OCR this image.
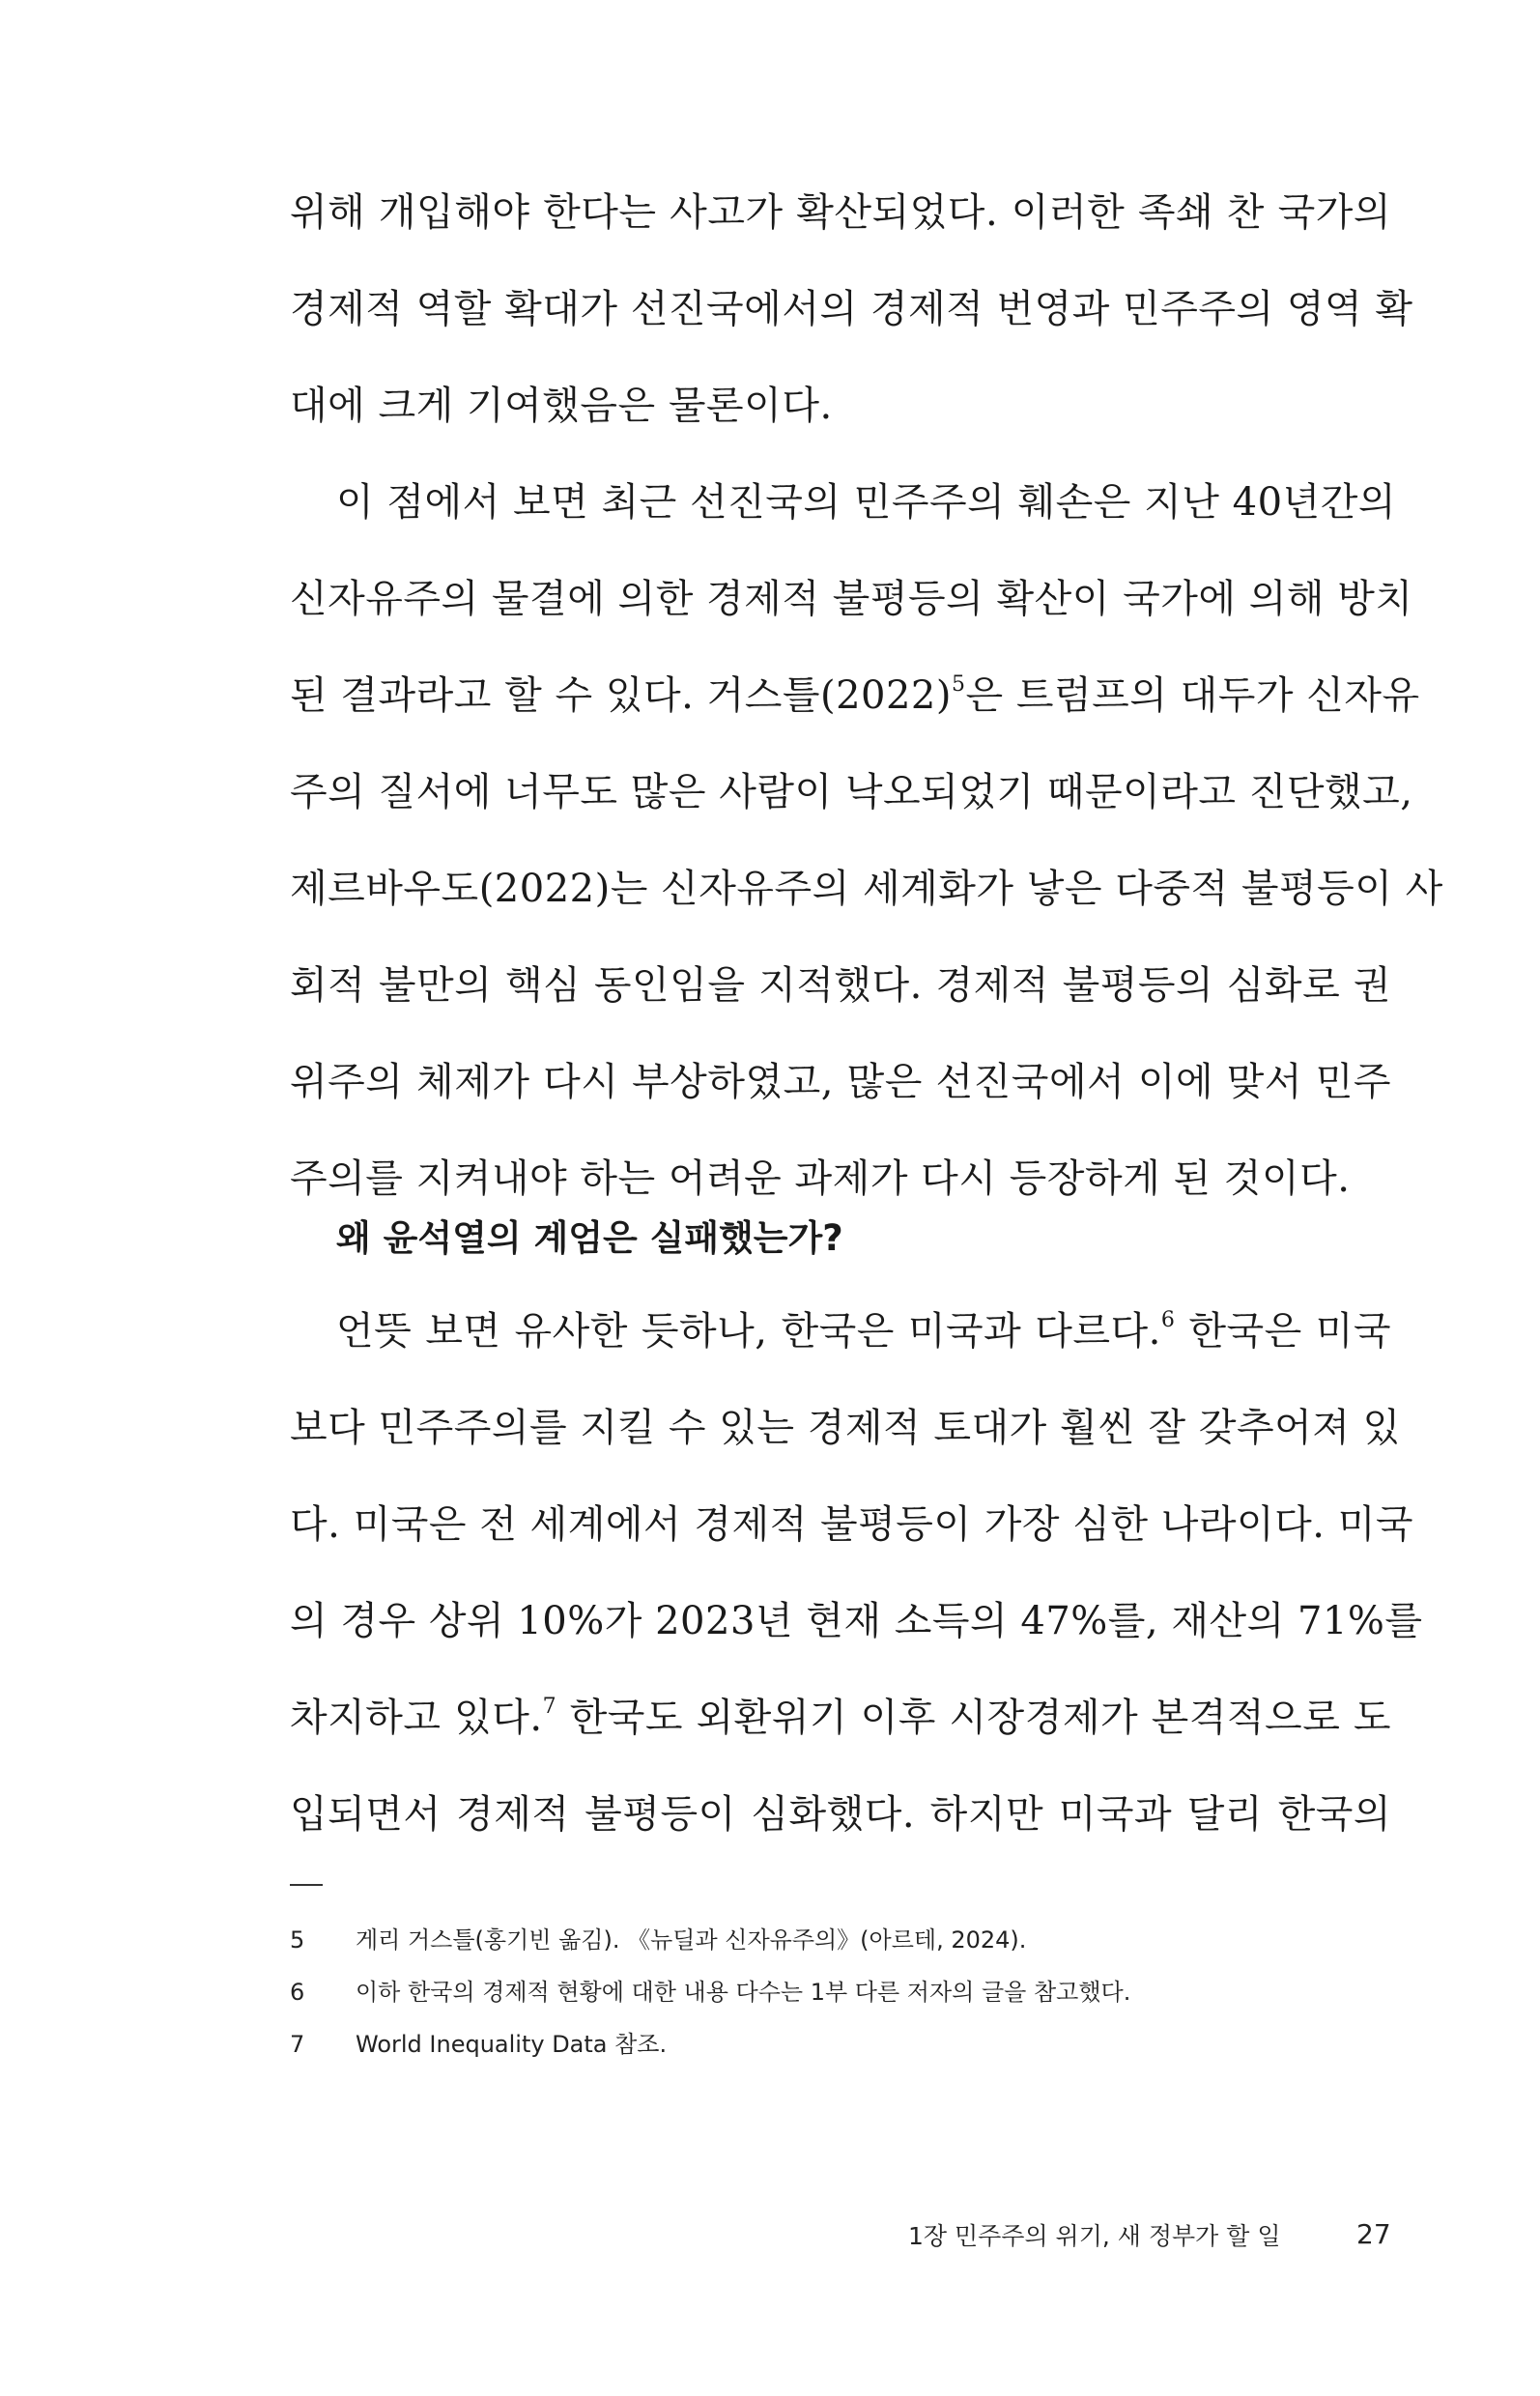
위해 개입해야 한다는 사고가 확산되었다. 이러한 족쇄 찬 국가의
경제적 역할 확대가 선진국에서의 경제적 번영과 민주주의 영역 확
대에 크게 기여했음은 물론이다.
이 점에서 보면 최근 선진국의 민주주의 훼손은 지난 40년간의
신자유주의 물결에 의한 경제적 불평등의 확산이 국가에 의해 방치
된 결과라고 할 수 있다. 거스틀$(2022)^5$은 트럼프의 대두가 신자유
주의 질서에 너무도 많은 사람이 낙오되었기 때문이라고 진단했고,
제르바우도(2022)는 신자유주의 세계화가 낳은 다중적 불평등이 사
회적 불만의 핵심 동인임을 지적했다. 경제적 불평등의 심화로 권
위주의 체제가 다시 부상하였고, 많은 선진국에서 이에 맞서 민주
주의를 지켜내야 하는 어려운 과제가 다시 등장하게 된 것이다.
언뜻 보면 유사한 듯하나, 한국은 미국과 다르다.$^6$ 한국은 미국
보다 민주주의를 지킬 수 있는 경제적 토대가 훨씬 잘 갖추어져 있
다. 미국은 전 세계에서 경제적 불평등이 가장 심한 나라이다. 미국
의 경우 상위 10%가 2023년 현재 소득의 47%를, 재산의 71%를
차지하고 있다.$^7$ 한국도 외환위기 이후 시장경제가 본격적으로 도
입되면서 경제적 불평등이 심화했다. 하지만 미국과 달리 한국의
왜 윤석열의 계엄은 실패했는가?
5 게리 거스틀(홍기빈 옮김). 《뉴딜과 신자유주의》(아르테, 2024).
6 이하 한국의 경제적 현황에 대한 내용 다수는 1부 다른 저자의 글을 참고했다.
7 World Inequality Data 참조.
1장 민주주의 위기, 새 정부가 할 일	27
